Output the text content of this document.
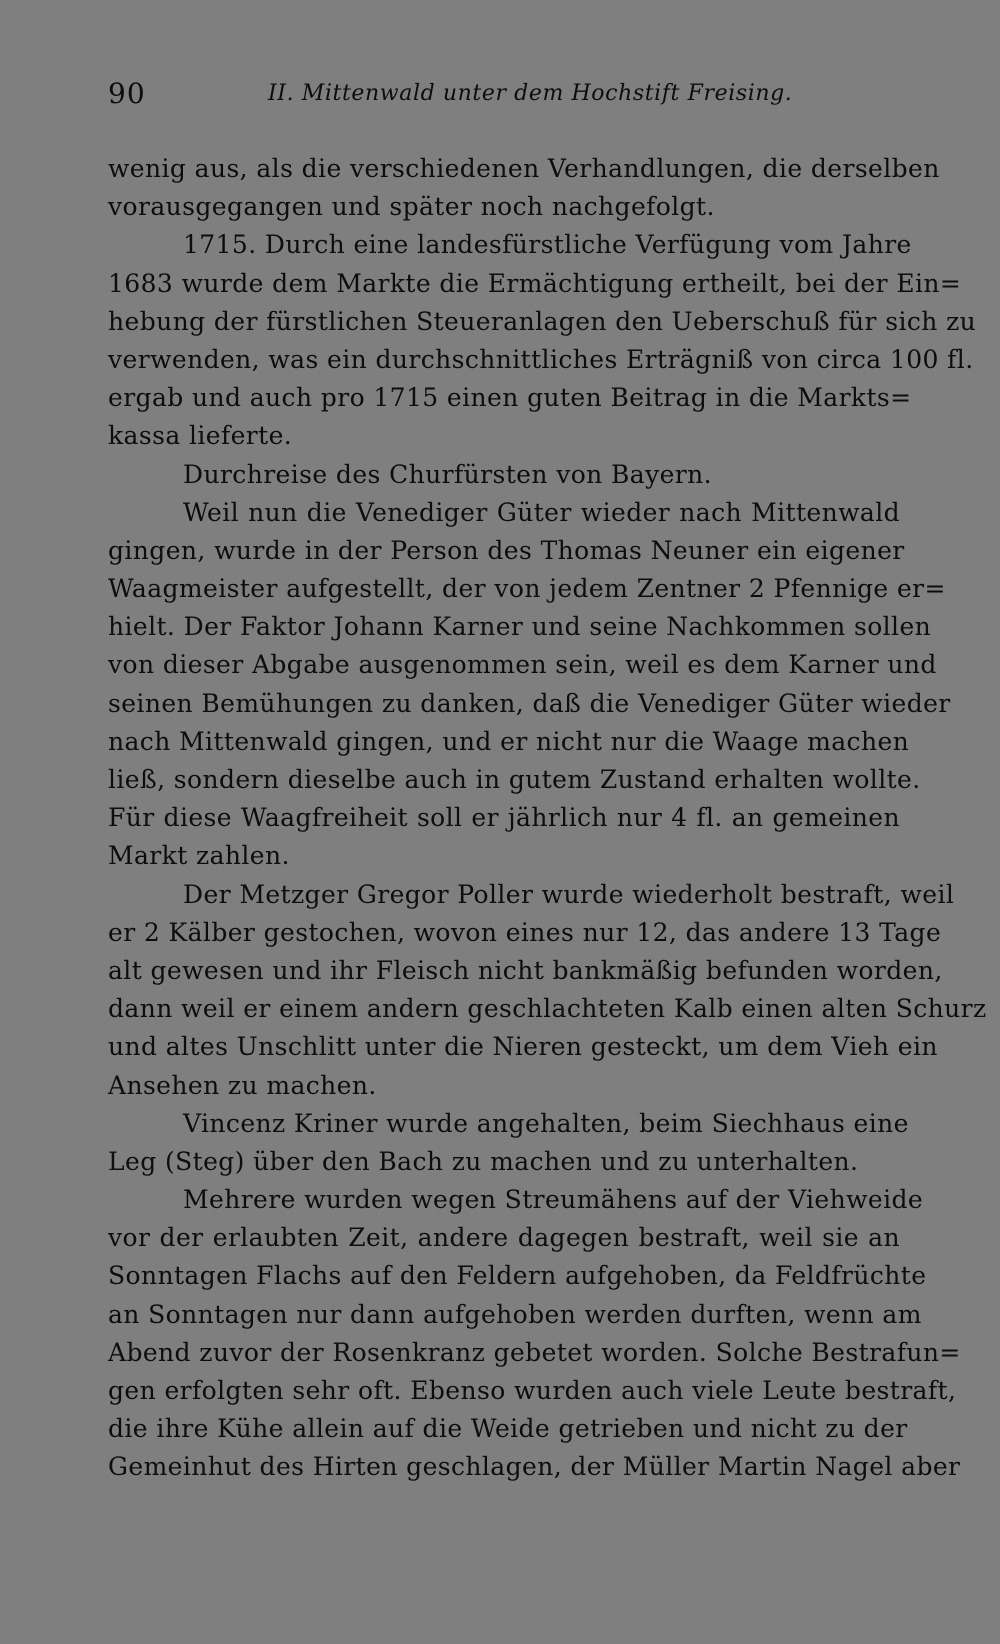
90	II. Mittenwald unter dem Hochstift Freising.
wenig aus, als die verschiedenen Verhandlungen, die derselben
vorausgegangen und später noch nachgefolgt.
1715. Durch eine landesfürstliche Verfügung vom Jahre
1683 wurde dem Markte die Ermächtigung ertheilt, bei der Ein=
hebung der fürstlichen Steueranlagen den Ueberschuß für sich zu
verwenden, was ein durchschnittliches Erträgniß von circa 100 fl.
ergab und auch pro 1715 einen guten Beitrag in die Markts=
kassa lieferte.
Durchreise des Churfürsten von Bayern.
Weil nun die Venediger Güter wieder nach Mittenwald
gingen, wurde in der Person des Thomas Neuner ein eigener
Waagmeister aufgestellt, der von jedem Zentner 2 Pfennige er=
hielt. Der Faktor Johann Karner und seine Nachkommen sollen
von dieser Abgabe ausgenommen sein, weil es dem Karner und
seinen Bemühungen zu danken, daß die Venediger Güter wieder
nach Mittenwald gingen, und er nicht nur die Waage machen
ließ, sondern dieselbe auch in gutem Zustand erhalten wollte.
Für diese Waagfreiheit soll er jährlich nur 4 fl. an gemeinen
Markt zahlen.
Der Metzger Gregor Poller wurde wiederholt bestraft, weil
er 2 Kälber gestochen, wovon eines nur 12, das andere 13 Tage
alt gewesen und ihr Fleisch nicht bankmäßig befunden worden,
dann weil er einem andern geschlachteten Kalb einen alten Schurz
und altes Unschlitt unter die Nieren gesteckt, um dem Vieh ein
Ansehen zu machen.
Vincenz Kriner wurde angehalten, beim Siechhaus eine
Leg (Steg) über den Bach zu machen und zu unterhalten.
Mehrere wurden wegen Streumähens auf der Viehweide
vor der erlaubten Zeit, andere dagegen bestraft, weil sie an
Sonntagen Flachs auf den Feldern aufgehoben, da Feldfrüchte
an Sonntagen nur dann aufgehoben werden durften, wenn am
Abend zuvor der Rosenkranz gebetet worden. Solche Bestrafun=
gen erfolgten sehr oft. Ebenso wurden auch viele Leute bestraft,
die ihre Kühe allein auf die Weide getrieben und nicht zu der
Gemeinhut des Hirten geschlagen, der Müller Martin Nagel aber
